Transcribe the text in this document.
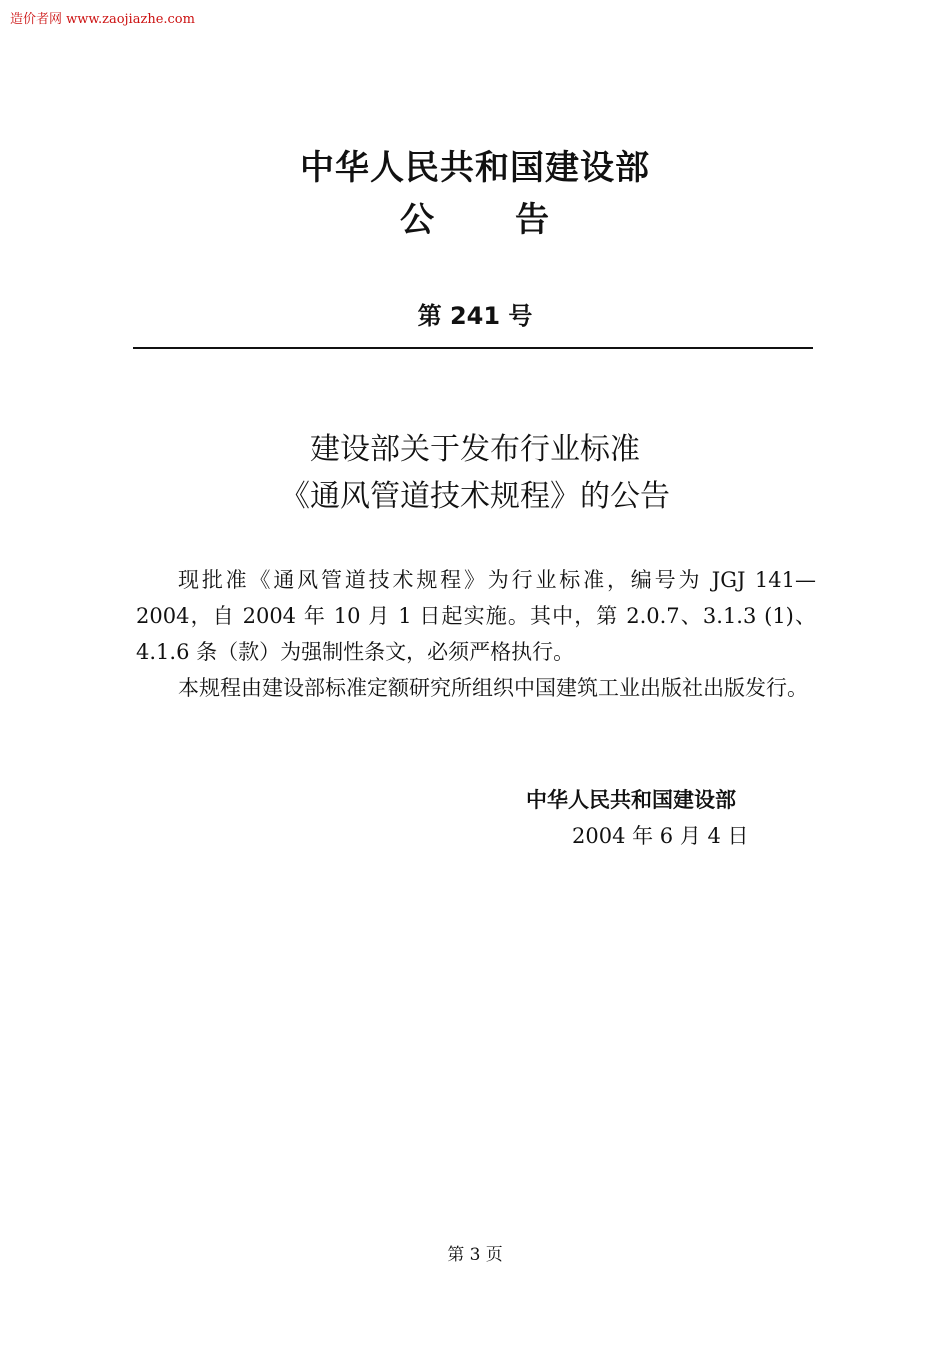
造价者网 www.zaojiazhe.com
中华人民共和国建设部
公 告
第 241 号
建设部关于发布行业标准
《通风管道技术规程》的公告

现批准《通风管道技术规程》为行业标准，编号为 JGJ 141—2004，自 2004 年 10 月 1 日起实施。其中，第 2.0.7、3.1.3 (1)、4.1.6 条（款）为强制性条文，必须严格执行。

本规程由建设部标准定额研究所组织中国建筑工业出版社出版发行。

中华人民共和国建设部
2004 年 6 月 4 日
第 3 页
